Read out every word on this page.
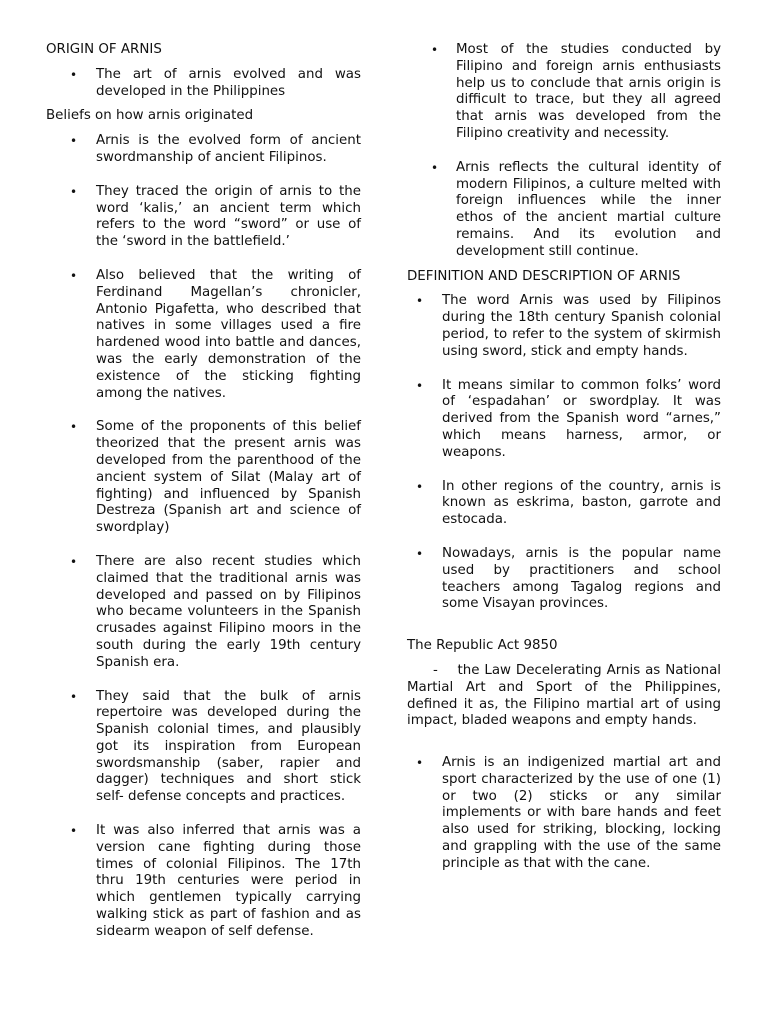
ORIGIN OF ARNIS

• The art of arnis evolved and was developed in the Philippines

Beliefs on how arnis originated

• Arnis is the evolved form of ancient swordmanship of ancient Filipinos.
• They traced the origin of arnis to the word ‘kalis,’ an ancient term which refers to the word “sword” or use of the ‘sword in the battlefield.’
• Also believed that the writing of Ferdinand Magellan’s chronicler, Antonio Pigafetta, who described that natives in some villages used a fire hardened wood into battle and dances, was the early demonstration of the existence of the sticking fighting among the natives.
• Some of the proponents of this belief theorized that the present arnis was developed from the parenthood of the ancient system of Silat (Malay art of fighting) and influenced by Spanish Destreza (Spanish art and science of swordplay)
• There are also recent studies which claimed that the traditional arnis was developed and passed on by Filipinos who became volunteers in the Spanish crusades against Filipino moors in the south during the early 19th century Spanish era.
• They said that the bulk of arnis repertoire was developed during the Spanish colonial times, and plausibly got its inspiration from European swordsmanship (saber, rapier and dagger) techniques and short stick self- defense concepts and practices.
• It was also inferred that arnis was a version cane fighting during those times of colonial Filipinos. The 17th thru 19th centuries were period in which gentlemen typically carrying walking stick as part of fashion and as sidearm weapon of self defense.
• Most of the studies conducted by Filipino and foreign arnis enthusiasts help us to conclude that arnis origin is difficult to trace, but they all agreed that arnis was developed from the Filipino creativity and necessity.
• Arnis reflects the cultural identity of modern Filipinos, a culture melted with foreign influences while the inner ethos of the ancient martial culture remains. And its evolution and development still continue.

DEFINITION AND DESCRIPTION OF ARNIS

• The word Arnis was used by Filipinos during the 18th century Spanish colonial period, to refer to the system of skirmish using sword, stick and empty hands.
• It means similar to common folks’ word of ‘espadahan’ or swordplay. It was derived from the Spanish word “arnes,” which means harness, armor, or weapons.
• In other regions of the country, arnis is known as eskrima, baston, garrote and estocada.
• Nowadays, arnis is the popular name used by practitioners and school teachers among Tagalog regions and some Visayan provinces.

The Republic Act 9850

-    the Law Decelerating Arnis as National Martial Art and Sport of the Philippines, defined it as, the Filipino martial art of using impact, bladed weapons and empty hands.

• Arnis is an indigenized martial art and sport characterized by the use of one (1) or two (2) sticks or any similar implements or with bare hands and feet also used for striking, blocking, locking and grappling with the use of the same principle as that with the cane.
